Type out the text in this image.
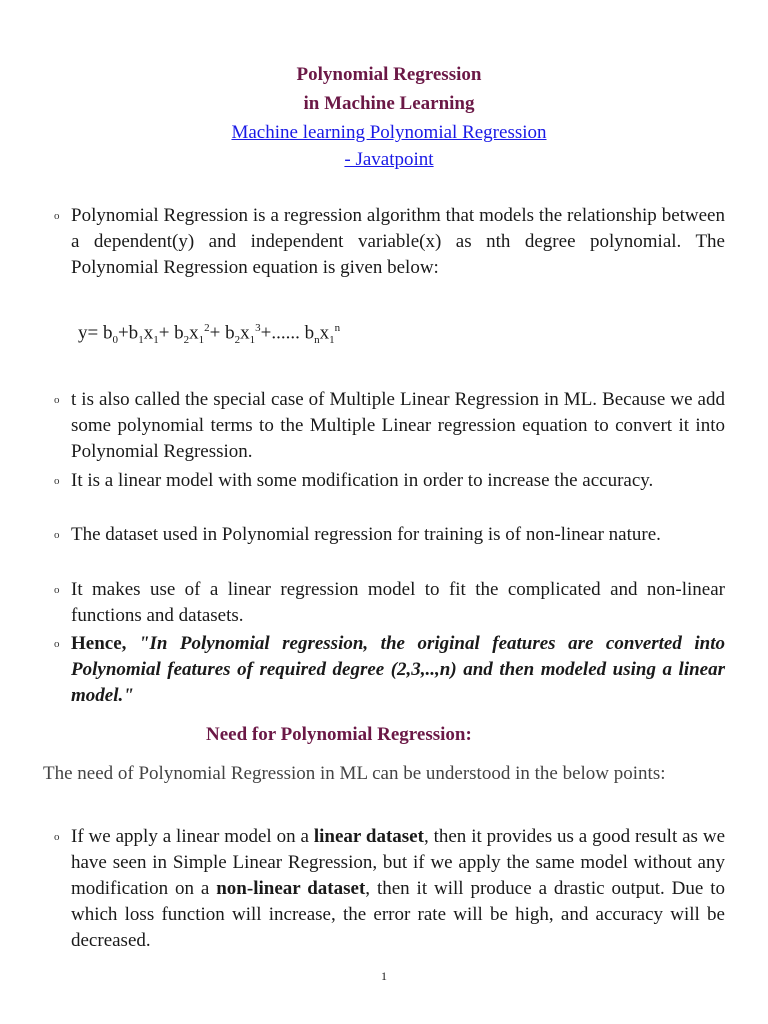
Polynomial Regression
in Machine Learning
Machine learning Polynomial Regression
- Javatpoint
o Polynomial Regression is a regression algorithm that models the relationship between a dependent(y) and independent variable(x) as nth degree polynomial. The Polynomial Regression equation is given below:
$y= b_0+b_1x_1+ b_2x_1^2+ b_2x_1^3+$...... $b_nx_1^n$
o t is also called the special case of Multiple Linear Regression in ML. Because we add some polynomial terms to the Multiple Linear regression equation to convert it into Polynomial Regression.
o It is a linear model with some modification in order to increase the accuracy.
o The dataset used in Polynomial regression for training is of non-linear nature.
o It makes use of a linear regression model to fit the complicated and non-linear functions and datasets.
o Hence, "In Polynomial regression, the original features are converted into Polynomial features of required degree (2,3,..,n) and then modeled using a linear model."
Need for Polynomial Regression:
The need of Polynomial Regression in ML can be understood in the below points:
o If we apply a linear model on a linear dataset, then it provides us a good result as we have seen in Simple Linear Regression, but if we apply the same model without any modification on a non-linear dataset, then it will produce a drastic output. Due to which loss function will increase, the error rate will be high, and accuracy will be decreased.
1
